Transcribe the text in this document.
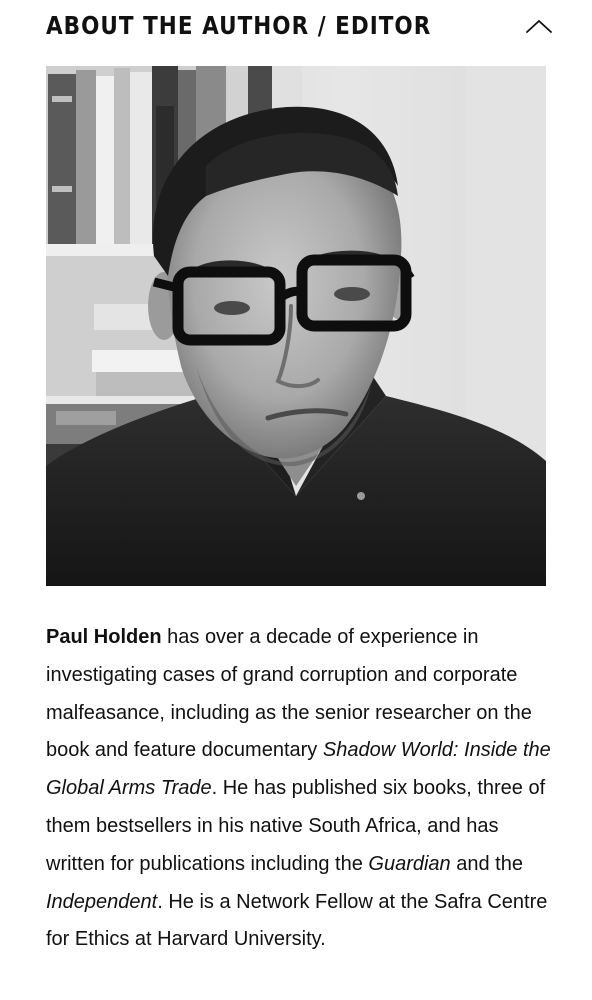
ABOUT THE AUTHOR / EDITOR

Paul Holden has over a decade of experience in investigating cases of grand corruption and corporate malfeasance, including as the senior researcher on the book and feature documentary Shadow World: Inside the Global Arms Trade. He has published six books, three of them bestsellers in his native South Africa, and has written for publications including the Guardian and the Independent. He is a Network Fellow at the Safra Centre for Ethics at Harvard University.
